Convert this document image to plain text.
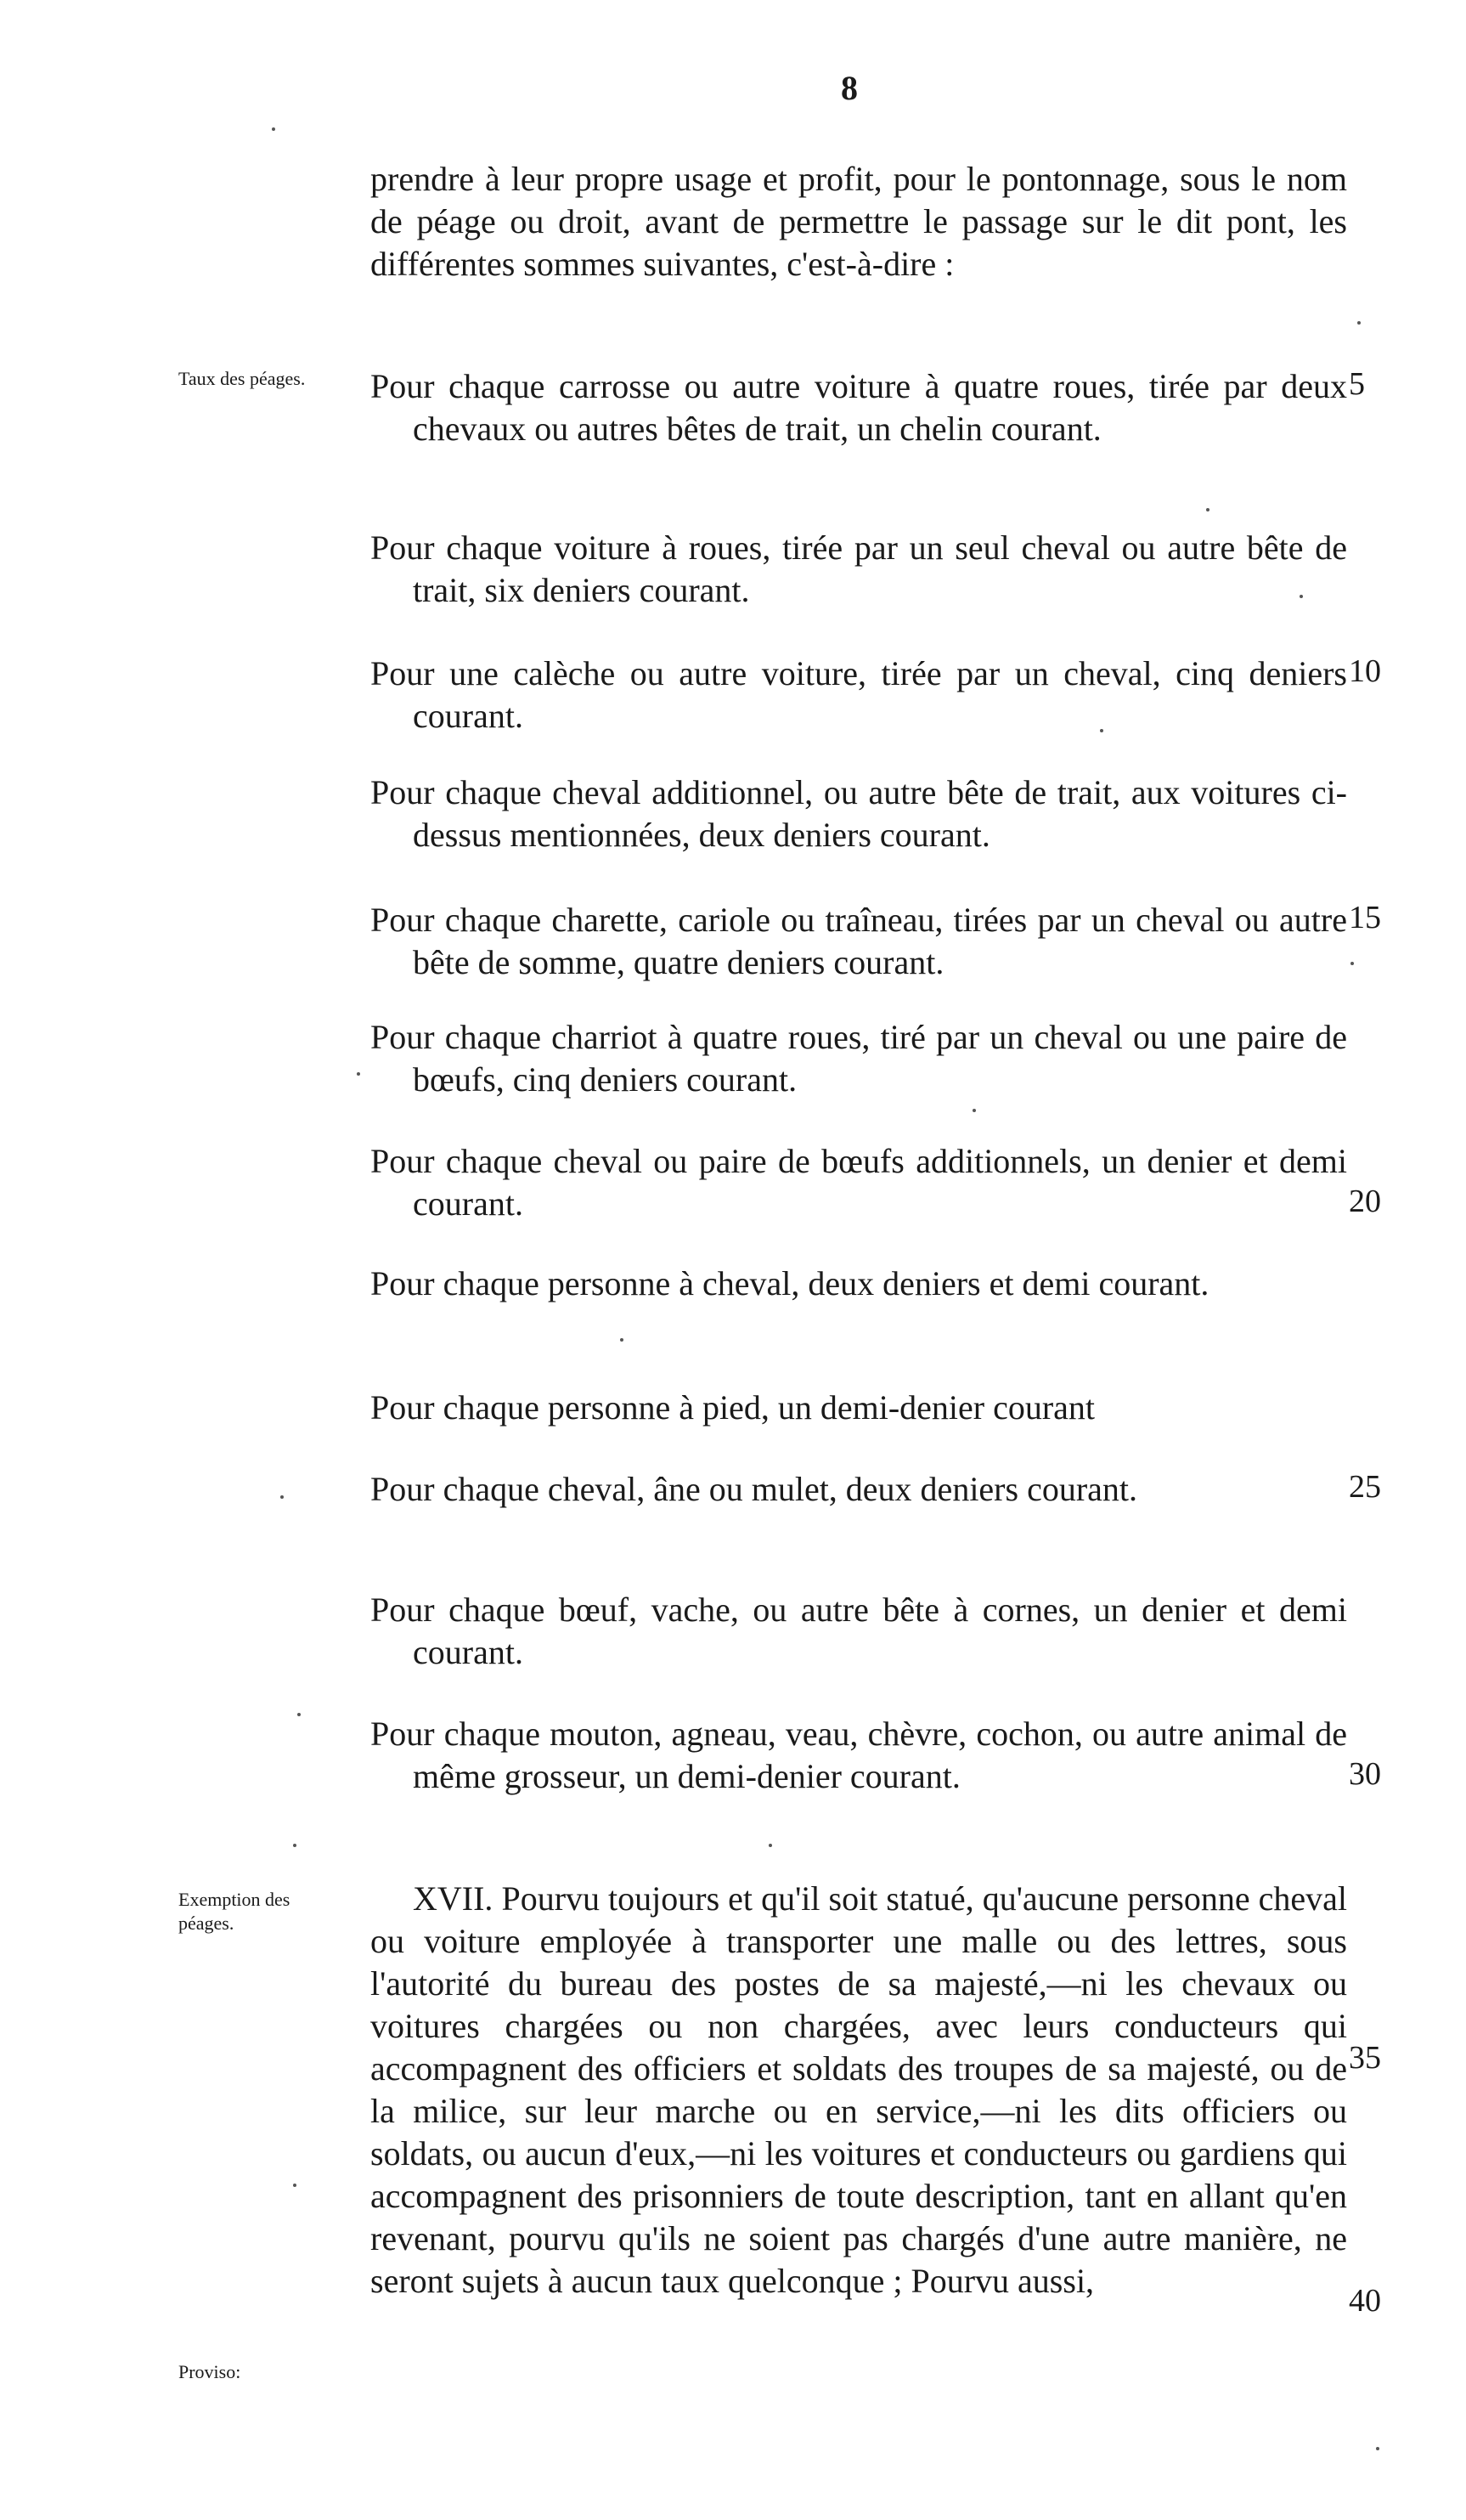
8
Taux des péages.
Exemption des péages.
Proviso:
5
10
15
20
25
30
35
40
prendre à leur propre usage et profit, pour le pontonnage, sous le nom de péage ou droit, avant de permettre le passage sur le dit pont, les différentes sommes suivantes, c'est-à-dire :
Pour chaque carrosse ou autre voiture à quatre roues, tirée par deux chevaux ou autres bêtes de trait, un chelin courant.
Pour chaque voiture à roues, tirée par un seul cheval ou autre bête de trait, six deniers courant.
Pour une calèche ou autre voiture, tirée par un cheval, cinq deniers courant.
Pour chaque cheval additionnel, ou autre bête de trait, aux voitures ci-dessus mentionnées, deux deniers courant.
Pour chaque charette, cariole ou traîneau, tirées par un cheval ou autre bête de somme, quatre deniers courant.
Pour chaque charriot à quatre roues, tiré par un cheval ou une paire de bœufs, cinq deniers courant.
Pour chaque cheval ou paire de bœufs additionnels, un denier et demi courant.
Pour chaque personne à cheval, deux deniers et demi courant.
Pour chaque personne à pied, un demi-denier courant
Pour chaque cheval, âne ou mulet, deux deniers courant.
Pour chaque bœuf, vache, ou autre bête à cornes, un denier et demi courant.
Pour chaque mouton, agneau, veau, chèvre, cochon, ou autre animal de même grosseur, un demi-denier courant.
XVII. Pourvu toujours et qu'il soit statué, qu'aucune personne cheval ou voiture employée à transporter une malle ou des lettres, sous l'autorité du bureau des postes de sa majesté,—ni les chevaux ou voitures chargées ou non chargées, avec leurs conducteurs qui accompagnent des officiers et soldats des troupes de sa majesté, ou de la milice, sur leur marche ou en service,—ni les dits officiers ou soldats, ou aucun d'eux,—ni les voitures et conducteurs ou gardiens qui accompagnent des prisonniers de toute description, tant en allant qu'en revenant, pourvu qu'ils ne soient pas chargés d'une autre manière, ne seront sujets à aucun taux quelconque ; Pourvu aussi,
